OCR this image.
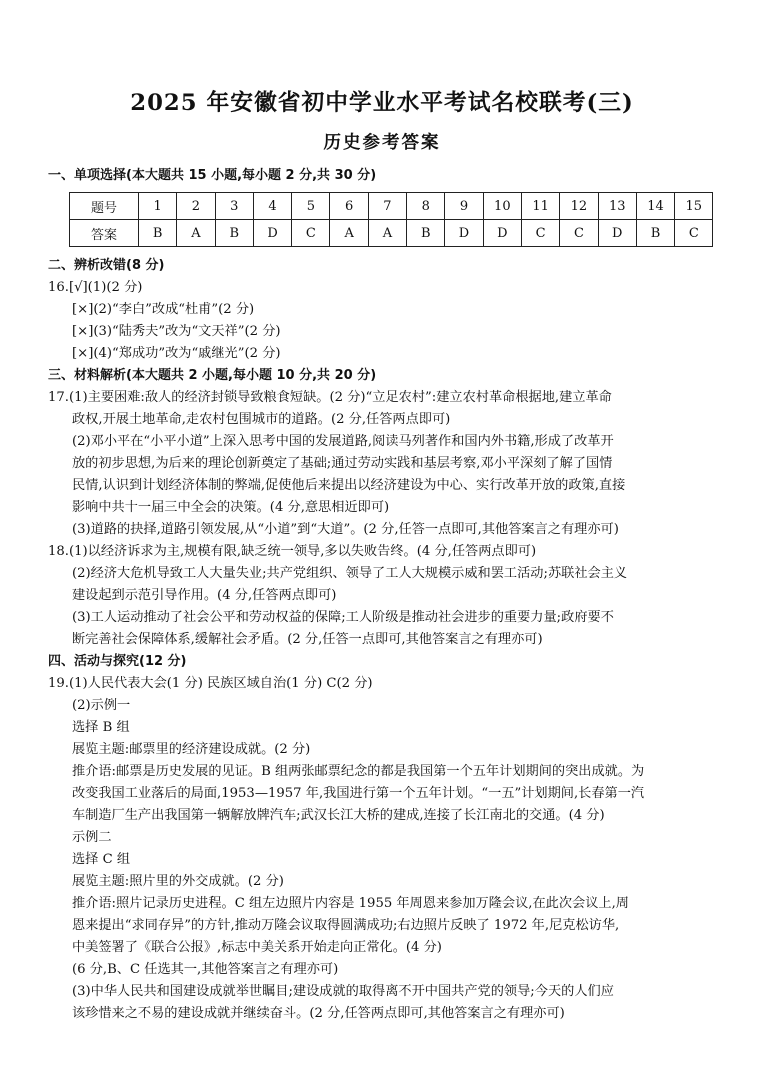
2025 年安徽省初中学业水平考试名校联考(三)
历史参考答案
一、单项选择(本大题共 15 小题,每小题 2 分,共 30 分)
题号	1	2	3	4	5	6	7	8	9	10	11	12	13	14	15
答案	B	A	B	D	C	A	A	B	D	D	C	C	D	B	C
二、辨析改错(8 分)
16.[√](1)(2 分)
[×](2)“李白”改成“杜甫”(2 分)
[×](3)“陆秀夫”改为“文天祥”(2 分)
[×](4)“郑成功”改为“戚继光”(2 分)
三、材料解析(本大题共 2 小题,每小题 10 分,共 20 分)
17.(1)主要困难:敌人的经济封锁导致粮食短缺。(2 分)“立足农村”:建立农村革命根据地,建立革命
政权,开展土地革命,走农村包围城市的道路。(2 分,任答两点即可)
(2)邓小平在“小平小道”上深入思考中国的发展道路,阅读马列著作和国内外书籍,形成了改革开
放的初步思想,为后来的理论创新奠定了基础;通过劳动实践和基层考察,邓小平深刻了解了国情
民情,认识到计划经济体制的弊端,促使他后来提出以经济建设为中心、实行改革开放的政策,直接
影响中共十一届三中全会的决策。(4 分,意思相近即可)
(3)道路的抉择,道路引领发展,从“小道”到“大道”。(2 分,任答一点即可,其他答案言之有理亦可)
18.(1)以经济诉求为主,规模有限,缺乏统一领导,多以失败告终。(4 分,任答两点即可)
(2)经济大危机导致工人大量失业;共产党组织、领导了工人大规模示威和罢工活动;苏联社会主义
建设起到示范引导作用。(4 分,任答两点即可)
(3)工人运动推动了社会公平和劳动权益的保障;工人阶级是推动社会进步的重要力量;政府要不
断完善社会保障体系,缓解社会矛盾。(2 分,任答一点即可,其他答案言之有理亦可)
四、活动与探究(12 分)
19.(1)人民代表大会(1 分) 民族区域自治(1 分) C(2 分)
(2)示例一
选择 B 组
展览主题:邮票里的经济建设成就。(2 分)
推介语:邮票是历史发展的见证。B 组两张邮票纪念的都是我国第一个五年计划期间的突出成就。为
改变我国工业落后的局面,1953—1957 年,我国进行第一个五年计划。“一五”计划期间,长春第一汽
车制造厂生产出我国第一辆解放牌汽车;武汉长江大桥的建成,连接了长江南北的交通。(4 分)
示例二
选择 C 组
展览主题:照片里的外交成就。(2 分)
推介语:照片记录历史进程。C 组左边照片内容是 1955 年周恩来参加万隆会议,在此次会议上,周
恩来提出“求同存异”的方针,推动万隆会议取得圆满成功;右边照片反映了 1972 年,尼克松访华,
中美签署了《联合公报》,标志中美关系开始走向正常化。(4 分)
(6 分,B、C 任选其一,其他答案言之有理亦可)
(3)中华人民共和国建设成就举世瞩目;建设成就的取得离不开中国共产党的领导;今天的人们应
该珍惜来之不易的建设成就并继续奋斗。(2 分,任答两点即可,其他答案言之有理亦可)
